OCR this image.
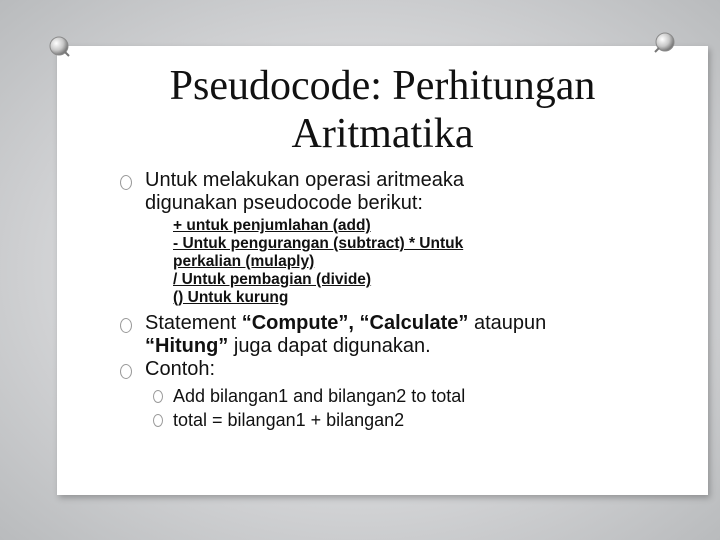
Pseudocode: Perhitungan
Aritmatika
Untuk melakukan operasi aritmeaka
digunakan pseudocode berikut:
+ untuk penjumlahan (add)
- Untuk pengurangan (subtract) * Untuk
perkalian (mulaply)
/ Untuk pembagian (divide)
() Untuk kurung
Statement “Compute”, “Calculate” ataupun
“Hitung” juga dapat digunakan.
Contoh:
Add bilangan1 and bilangan2 to total
total = bilangan1 + bilangan2
